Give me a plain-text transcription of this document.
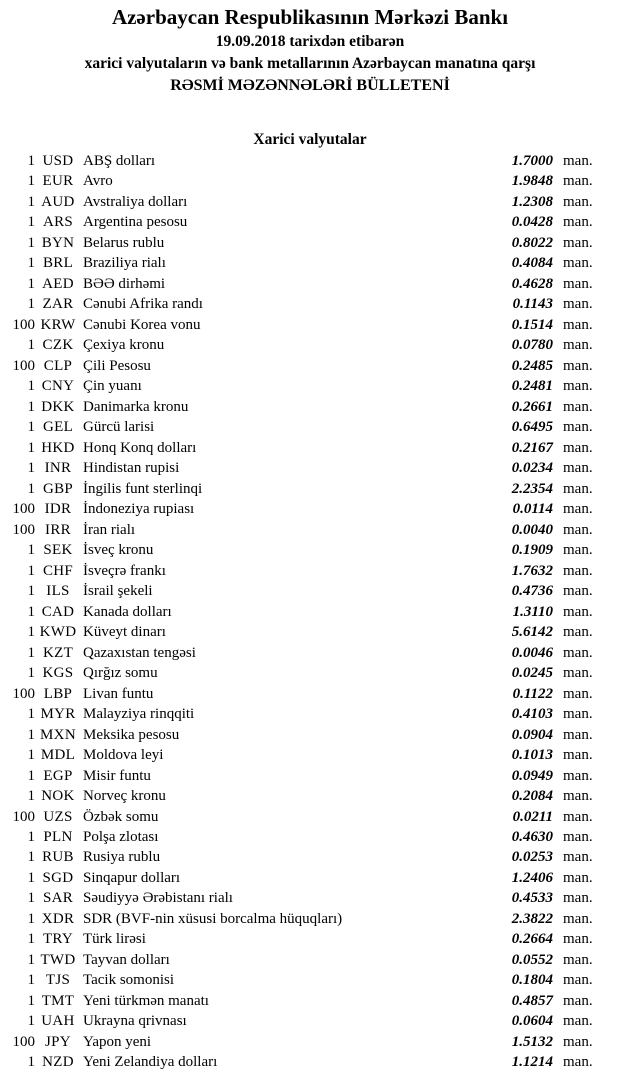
Azərbaycan Respublikasının Mərkəzi Bankı
19.09.2018 tarixdən etibarən
xarici valyutaların və bank metallarının Azərbaycan manatına qarşı
RƏSMİ MƏZƏNNƏLƏRİ BÜLLETENİ
Xarici valyutalar
1 USD ABŞ dolları	1.7000 man.
1 EUR Avro	1.9848 man.
1 AUD Avstraliya dolları	1.2308 man.
1 ARS Argentina pesosu	0.0428 man.
1 BYN Belarus rublu	0.8022 man.
1 BRL Braziliya rialı	0.4084 man.
1 AED BƏƏ dirhəmi	0.4628 man.
1 ZAR Cənubi Afrika randı	0.1143 man.
100 KRW Cənubi Korea vonu	0.1514 man.
1 CZK Çexiya kronu	0.0780 man.
100 CLP Çili Pesosu	0.2485 man.
1 CNY Çin yuanı	0.2481 man.
1 DKK Danimarka kronu	0.2661 man.
1 GEL Gürcü larisi	0.6495 man.
1 HKD Honq Konq dolları	0.2167 man.
1 INR Hindistan rupisi	0.0234 man.
1 GBP İngilis funt sterlinqi	2.2354 man.
100 IDR İndoneziya rupiası	0.0114 man.
100 IRR İran rialı	0.0040 man.
1 SEK İsveç kronu	0.1909 man.
1 CHF İsveçrə frankı	1.7632 man.
1 ILS İsrail şekeli	0.4736 man.
1 CAD Kanada dolları	1.3110 man.
1 KWD Küveyt dinarı	5.6142 man.
1 KZT Qazaxıstan tengəsi	0.0046 man.
1 KGS Qırğız somu	0.0245 man.
100 LBP Livan funtu	0.1122 man.
1 MYR Malayziya rinqqiti	0.4103 man.
1 MXN Meksika pesosu	0.0904 man.
1 MDL Moldova leyi	0.1013 man.
1 EGP Misir funtu	0.0949 man.
1 NOK Norveç kronu	0.2084 man.
100 UZS Özbək somu	0.0211 man.
1 PLN Polşa zlotası	0.4630 man.
1 RUB Rusiya rublu	0.0253 man.
1 SGD Sinqapur dolları	1.2406 man.
1 SAR Səudiyyə Ərəbistanı rialı	0.4533 man.
1 XDR SDR (BVF-nin xüsusi borcalma hüquqları)	2.3822 man.
1 TRY Türk lirəsi	0.2664 man.
1 TWD Tayvan dolları	0.0552 man.
1 TJS Tacik somonisi	0.1804 man.
1 TMT Yeni türkmən manatı	0.4857 man.
1 UAH Ukrayna qrivnası	0.0604 man.
100 JPY Yapon yeni	1.5132 man.
1 NZD Yeni Zelandiya dolları	1.1214 man.
